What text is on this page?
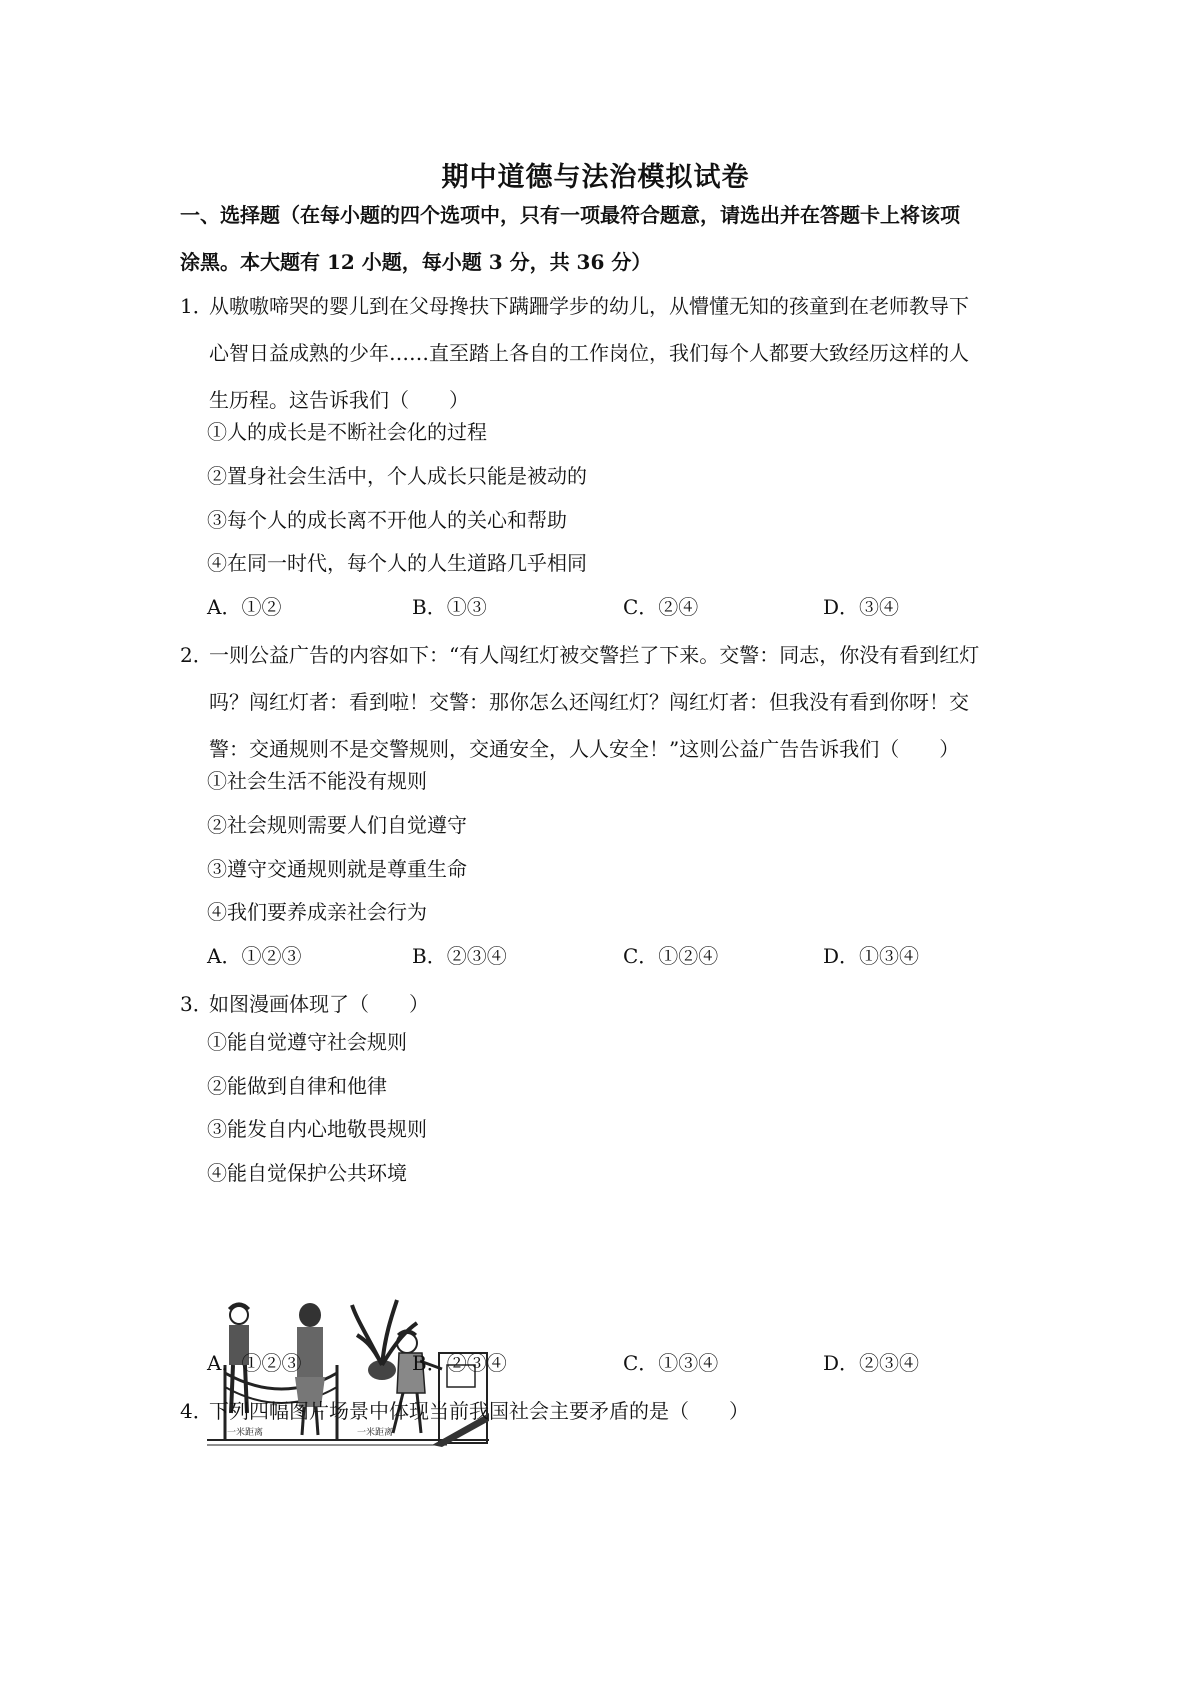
期中道德与法治模拟试卷
一、选择题（在每小题的四个选项中，只有一项最符合题意，请选出并在答题卡上将该项
涂黑。本大题有 12 小题，每小题 3 分，共 36 分）
1．
从嗷嗷啼哭的婴儿到在父母搀扶下蹒跚学步的幼儿，从懵懂无知的孩童到在老师教导下
心智日益成熟的少年……直至踏上各自的工作岗位，我们每个人都要大致经历这样的人
生历程。这告诉我们（　　）
①人的成长是不断社会化的过程
②置身社会生活中，个人成长只能是被动的
③每个人的成长离不开他人的关心和帮助
④在同一时代，每个人的人生道路几乎相同
A．①②	B．①③	C．②④	D．③④
2．
一则公益广告的内容如下：“有人闯红灯被交警拦了下来。交警：同志，你没有看到红灯
吗？闯红灯者：看到啦！交警：那你怎么还闯红灯？闯红灯者：但我没有看到你呀！交
警：交通规则不是交警规则，交通安全，人人安全！”这则公益广告告诉我们（　　）
①社会生活不能没有规则
②社会规则需要人们自觉遵守
③遵守交通规则就是尊重生命
④我们要养成亲社会行为
A．①②③	B．②③④	C．①②④	D．①③④
3．
如图漫画体现了（　　）
①能自觉遵守社会规则
②能做到自律和他律
③能发自内心地敬畏规则
④能自觉保护公共环境
一米距离	一米距离
A．①②③	B．②③④	C．①③④	D．②③④
4．
下列四幅图片场景中体现当前我国社会主要矛盾的是（　　）
